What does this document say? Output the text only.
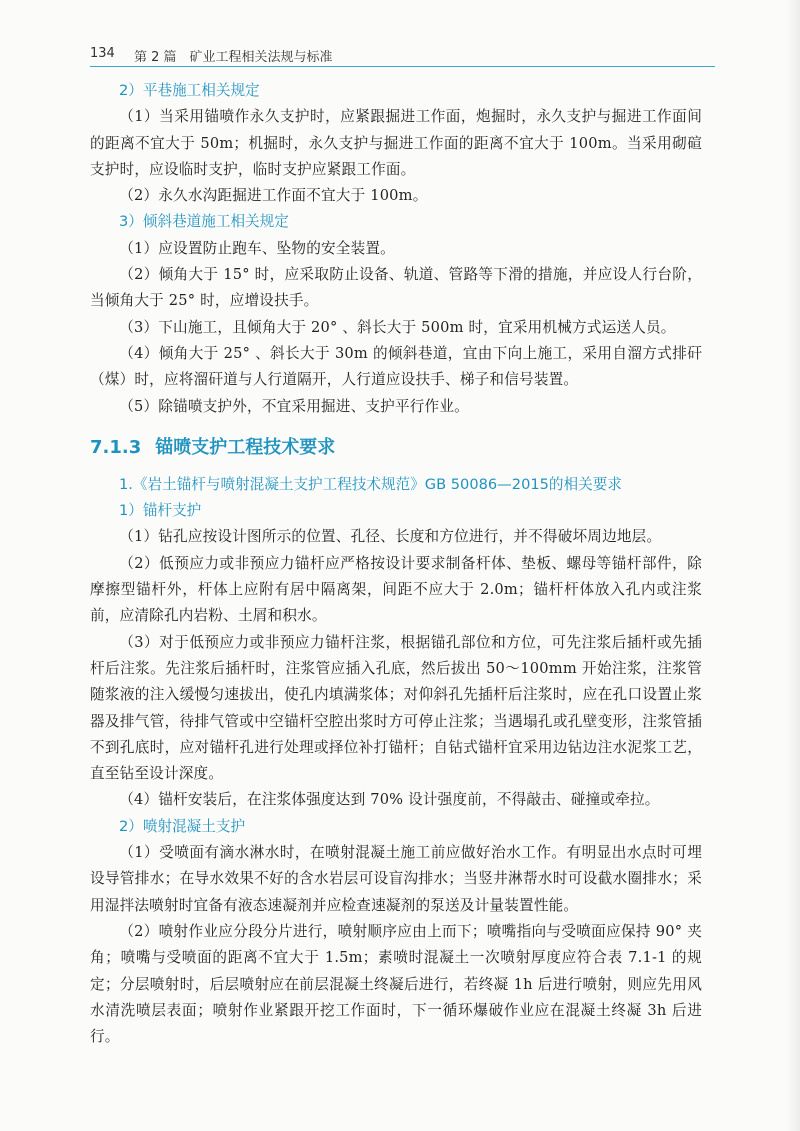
134 第 2 篇　矿业工程相关法规与标准

2）平巷施工相关规定

（1）当采用锚喷作永久支护时，应紧跟掘进工作面，炮掘时，永久支护与掘进工作面间的距离不宜大于 50m；机掘时，永久支护与掘进工作面的距离不宜大于 100m。当采用砌碹支护时，应设临时支护，临时支护应紧跟工作面。

（2）永久水沟距掘进工作面不宜大于 100m。

3）倾斜巷道施工相关规定

（1）应设置防止跑车、坠物的安全装置。

（2）倾角大于 15° 时，应采取防止设备、轨道、管路等下滑的措施，并应设人行台阶，当倾角大于 25° 时，应增设扶手。

（3）下山施工，且倾角大于 20° 、斜长大于 500m 时，宜采用机械方式运送人员。

（4）倾角大于 25° 、斜长大于 30m 的倾斜巷道，宜由下向上施工，采用自溜方式排矸（煤）时，应将溜矸道与人行道隔开，人行道应设扶手、梯子和信号装置。

（5）除锚喷支护外，不宜采用掘进、支护平行作业。

7.1.3 锚喷支护工程技术要求

1.《岩土锚杆与喷射混凝土支护工程技术规范》GB 50086—2015的相关要求

1）锚杆支护

（1）钻孔应按设计图所示的位置、孔径、长度和方位进行，并不得破坏周边地层。

（2）低预应力或非预应力锚杆应严格按设计要求制备杆体、垫板、螺母等锚杆部件，除摩擦型锚杆外，杆体上应附有居中隔离架，间距不应大于 2.0m；锚杆杆体放入孔内或注浆前，应清除孔内岩粉、土屑和积水。

（3）对于低预应力或非预应力锚杆注浆，根据锚孔部位和方位，可先注浆后插杆或先插杆后注浆。先注浆后插杆时，注浆管应插入孔底，然后拔出 50～100mm 开始注浆，注浆管随浆液的注入缓慢匀速拔出，使孔内填满浆体；对仰斜孔先插杆后注浆时，应在孔口设置止浆器及排气管，待排气管或中空锚杆空腔出浆时方可停止注浆；当遇塌孔或孔壁变形，注浆管插不到孔底时，应对锚杆孔进行处理或择位补打锚杆；自钻式锚杆宜采用边钻边注水泥浆工艺，直至钻至设计深度。

（4）锚杆安装后，在注浆体强度达到 70% 设计强度前，不得敲击、碰撞或牵拉。

2）喷射混凝土支护

（1）受喷面有滴水淋水时，在喷射混凝土施工前应做好治水工作。有明显出水点时可埋设导管排水；在导水效果不好的含水岩层可设盲沟排水；当竖井淋帮水时可设截水圈排水；采用湿拌法喷射时宜备有液态速凝剂并应检查速凝剂的泵送及计量装置性能。

（2）喷射作业应分段分片进行，喷射顺序应由上而下；喷嘴指向与受喷面应保持 90° 夹角；喷嘴与受喷面的距离不宜大于 1.5m；素喷时混凝土一次喷射厚度应符合表 7.1-1 的规定；分层喷射时，后层喷射应在前层混凝土终凝后进行，若终凝 1h 后进行喷射，则应先用风水清洗喷层表面；喷射作业紧跟开挖工作面时，下一循环爆破作业应在混凝土终凝 3h 后进行。
